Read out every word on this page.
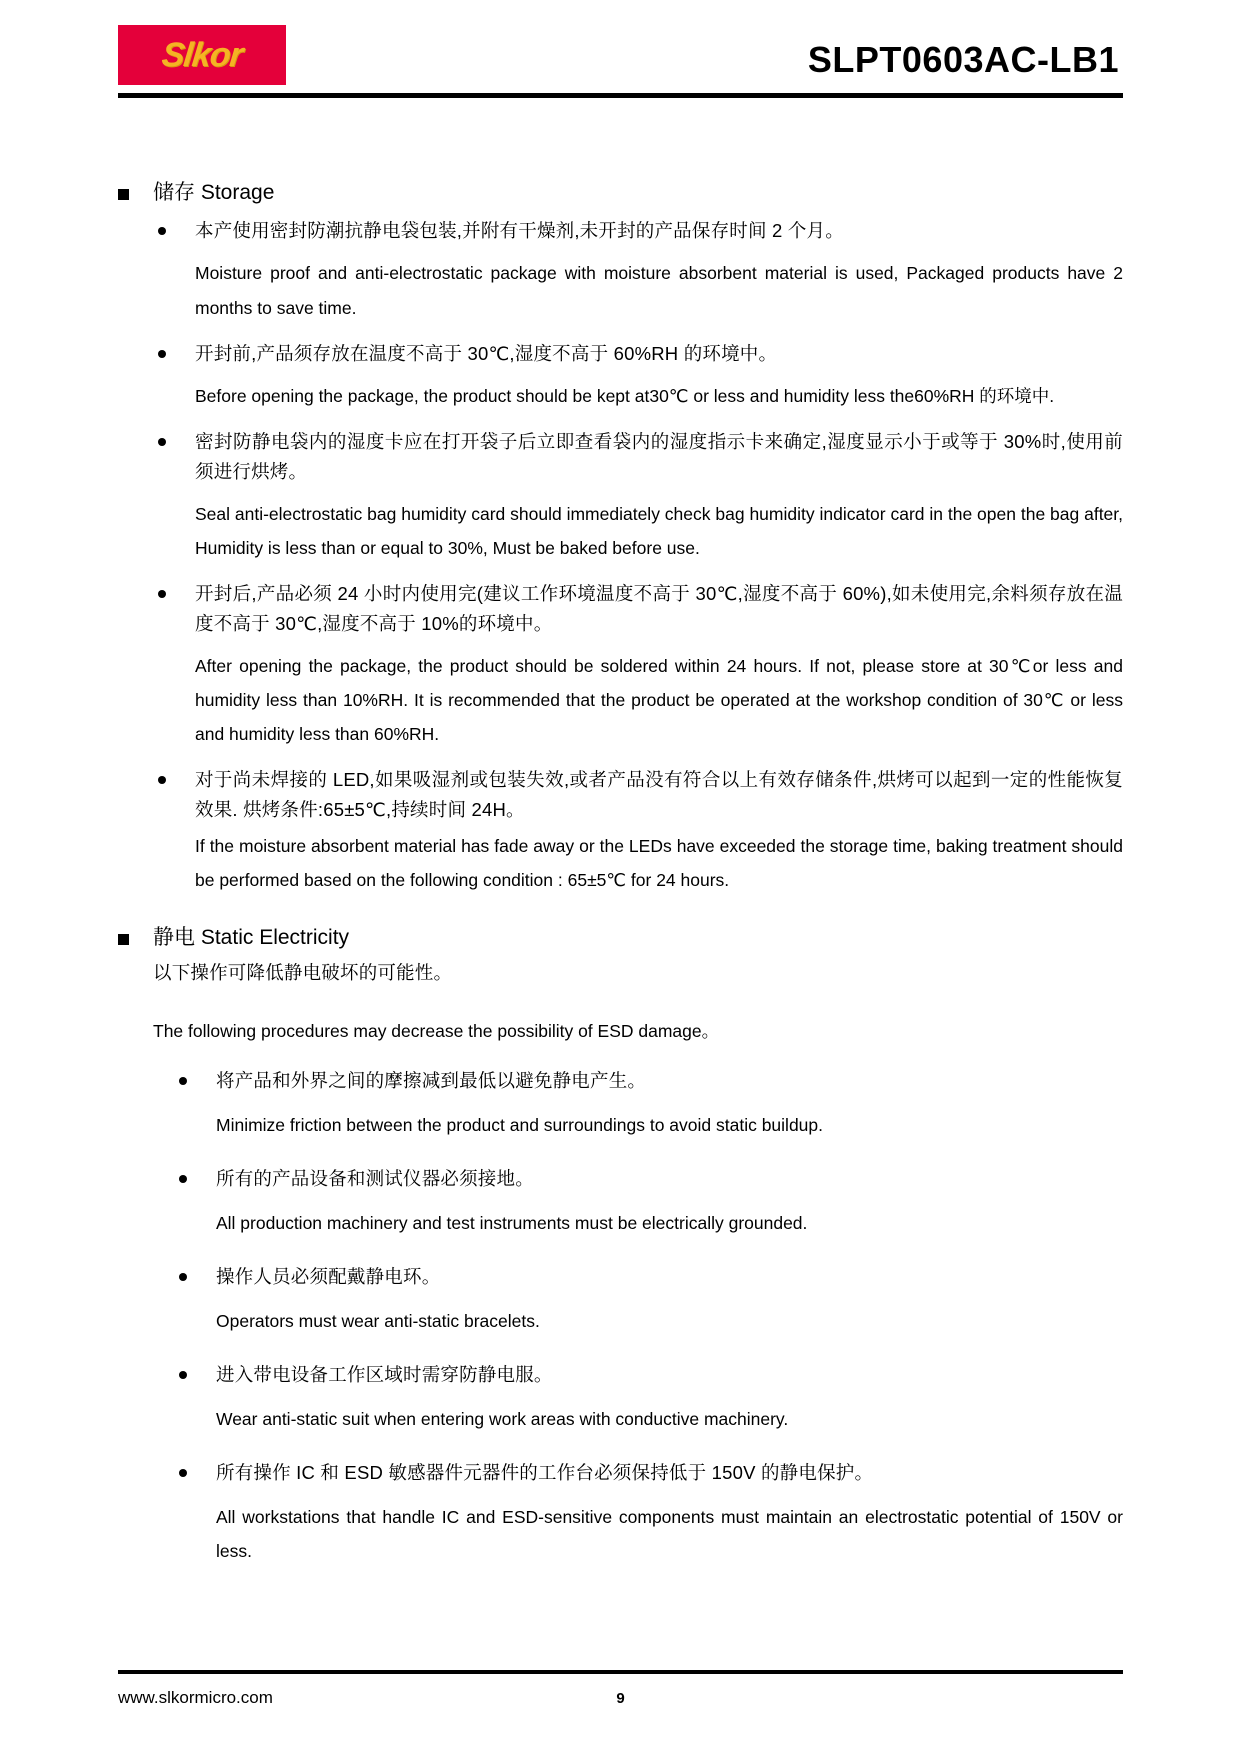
Slkor	SLPT0603AC-LB1
储存 Storage

本产使用密封防潮抗静电袋包装,并附有干燥剂,未开封的产品保存时间 2 个月。

Moisture proof and anti-electrostatic package with moisture absorbent material is used, Packaged products have 2 months to save time.

开封前,产品须存放在温度不高于 30℃,湿度不高于 60%RH 的环境中。

Before opening the package, the product should be kept at30℃ or less and humidity less the60%RH 的环境中.

密封防静电袋内的湿度卡应在打开袋子后立即查看袋内的湿度指示卡来确定,湿度显示小于或等于 30%时,使用前须进行烘烤。

Seal anti-electrostatic bag humidity card should immediately check bag humidity indicator card in the open the bag after, Humidity is less than or equal to 30%, Must be baked before use.

开封后,产品必须 24 小时内使用完(建议工作环境温度不高于 30℃,湿度不高于 60%),如未使用完,余料须存放在温度不高于 30℃,湿度不高于 10%的环境中。

After opening the package, the product should be soldered within 24 hours. If not, please store at 30℃or less and humidity less than 10%RH. It is recommended that the product be operated at the workshop condition of 30℃ or less and humidity less than 60%RH.

对于尚未焊接的 LED,如果吸湿剂或包装失效,或者产品没有符合以上有效存储条件,烘烤可以起到一定的性能恢复效果. 烘烤条件:65±5℃,持续时间 24H。

If the moisture absorbent material has fade away or the LEDs have exceeded the storage time, baking treatment should be performed based on the following condition : 65±5℃ for 24 hours.

静电 Static Electricity

以下操作可降低静电破坏的可能性。

The following procedures may decrease the possibility of ESD damage。

将产品和外界之间的摩擦减到最低以避免静电产生。

Minimize friction between the product and surroundings to avoid static buildup.

所有的产品设备和测试仪器必须接地。

All production machinery and test instruments must be electrically grounded.

操作人员必须配戴静电环。

Operators must wear anti-static bracelets.

进入带电设备工作区域时需穿防静电服。

Wear anti-static suit when entering work areas with conductive machinery.

所有操作 IC 和 ESD 敏感器件元器件的工作台必须保持低于 150V 的静电保护。

All workstations that handle IC and ESD-sensitive components must maintain an electrostatic potential of 150V or less.

www.slkormicro.com	9
